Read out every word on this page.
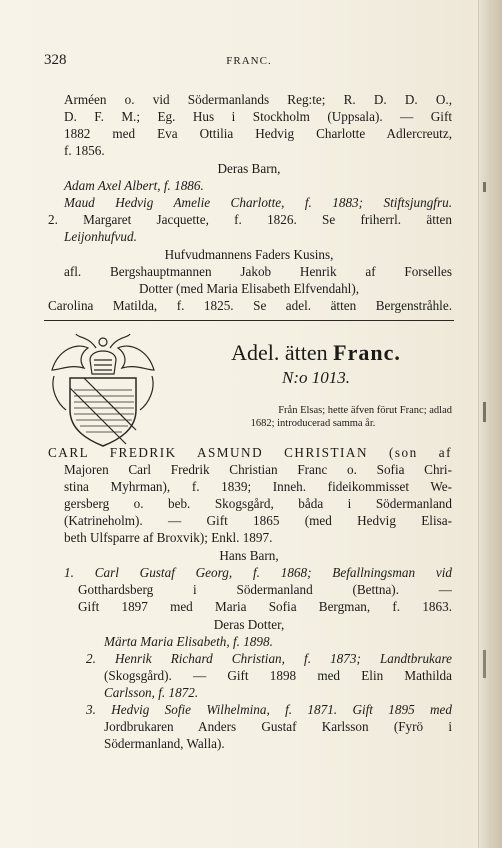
328	FRANC.
Arméen o. vid Södermanlands Reg:te; R. D. D. O.,
D. F. M.; Eg. Hus i Stockholm (Uppsala). — Gift
1882 med Eva Ottilia Hedvig Charlotte Adlercreutz,
f. 1856.
Deras Barn,
Adam Axel Albert, f. 1886.
Maud Hedvig Amelie Charlotte, f. 1883; Stiftsjungfru.
2. Margaret Jacquette, f. 1826. Se friherrl. ätten
Leijonhufvud.
Hufvudmannens Faders Kusins,
afl. Bergshauptmannen Jakob Henrik af Forselles
Dotter (med Maria Elisabeth Elfvendahl),
Carolina Matilda, f. 1825. Se adel. ätten Bergenstråhle.
Adel. ätten Franc.
N:o 1013.
Från Elsas; hette äfven förut Franc; adlad
1682; introducerad samma år.
CARL FREDRIK ASMUND CHRISTIAN (son af
Majoren Carl Fredrik Christian Franc o. Sofia Chri-
stina Myhrman), f. 1839; Inneh. fideikommisset We-
gersberg o. beb. Skogsgård, båda i Södermanland
(Katrineholm). — Gift 1865 (med Hedvig Elisa-
beth Ulfsparre af Broxvik); Enkl. 1897.
Hans Barn,
1. Carl Gustaf Georg, f. 1868; Befallningsman vid
Gotthardsberg i Södermanland (Bettna). —
Gift 1897 med Maria Sofia Bergman, f. 1863.
Deras Dotter,
Märta Maria Elisabeth, f. 1898.
2. Henrik Richard Christian, f. 1873; Landtbrukare
(Skogsgård). — Gift 1898 med Elin Mathilda
Carlsson, f. 1872.
3. Hedvig Sofie Wilhelmina, f. 1871. Gift 1895 med
Jordbrukaren Anders Gustaf Karlsson (Fyrö i
Södermanland, Walla).
